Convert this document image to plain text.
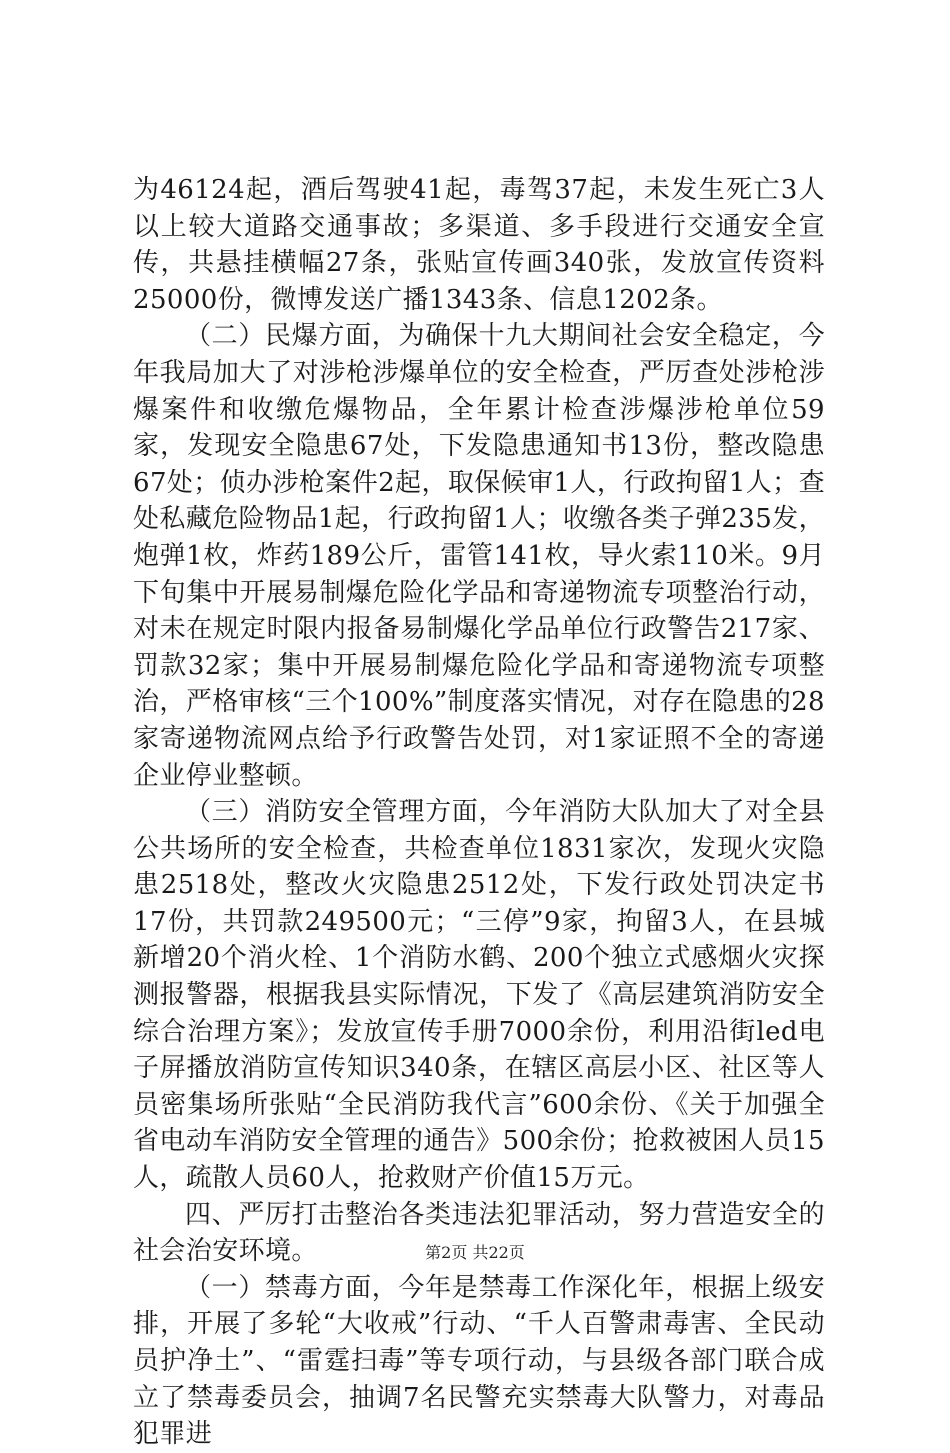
为46124起，酒后驾驶41起，毒驾37起，未发生死亡3人以上较大道路交通事故；多渠道、多手段进行交通安全宣传，共悬挂横幅27条，张贴宣传画340张，发放宣传资料25000份，微博发送广播1343条、信息1202条。

（二）民爆方面，为确保十九大期间社会安全稳定，今年我局加大了对涉枪涉爆单位的安全检查，严厉查处涉枪涉爆案件和收缴危爆物品，全年累计检查涉爆涉枪单位59家，发现安全隐患67处，下发隐患通知书13份，整改隐患67处；侦办涉枪案件2起，取保候审1人，行政拘留1人；查处私藏危险物品1起，行政拘留1人；收缴各类子弹235发，炮弹1枚，炸药189公斤，雷管141枚，导火索110米。9月下旬集中开展易制爆危险化学品和寄递物流专项整治行动，对未在规定时限内报备易制爆化学品单位行政警告217家、罚款32家；集中开展易制爆危险化学品和寄递物流专项整治，严格审核“三个100%”制度落实情况，对存在隐患的28家寄递物流网点给予行政警告处罚，对1家证照不全的寄递企业停业整顿。

（三）消防安全管理方面，今年消防大队加大了对全县公共场所的安全检查，共检查单位1831家次，发现火灾隐患2518处，整改火灾隐患2512处，下发行政处罚决定书17份，共罚款249500元；“三停”9家，拘留3人，在县城新增20个消火栓、1个消防水鹤、200个独立式感烟火灾探测报警器，根据我县实际情况，下发了《高层建筑消防安全综合治理方案》；发放宣传手册7000余份，利用沿街led电子屏播放消防宣传知识340条，在辖区高层小区、社区等人员密集场所张贴“全民消防我代言”600余份、《关于加强全省电动车消防安全管理的通告》500余份；抢救被困人员15人，疏散人员60人，抢救财产价值15万元。

四、严厉打击整治各类违法犯罪活动，努力营造安全的社会治安环境。

（一）禁毒方面，今年是禁毒工作深化年，根据上级安排，开展了多轮“大收戒”行动、“千人百警肃毒害、全民动员护净土”、“雷霆扫毒”等专项行动，与县级各部门联合成立了禁毒委员会，抽调7名民警充实禁毒大队警力，对毒品犯罪进

第2页 共22页
